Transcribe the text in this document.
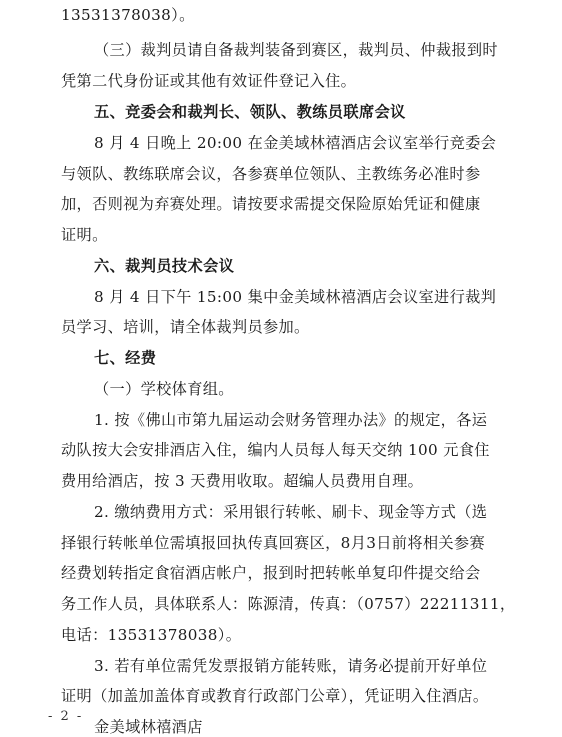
13531378038）。
（三）裁判员请自备裁判装备到赛区，裁判员、仲裁报到时
凭第二代身份证或其他有效证件登记入住。
五、竞委会和裁判长、领队、教练员联席会议
8 月 4 日晚上 20:00 在金美域林禧酒店会议室举行竞委会
与领队、教练联席会议，各参赛单位领队、主教练务必准时参
加，否则视为弃赛处理。请按要求需提交保险原始凭证和健康
证明。
六、裁判员技术会议
8 月 4 日下午 15:00 集中金美域林禧酒店会议室进行裁判
员学习、培训，请全体裁判员参加。
七、经费
（一）学校体育组。
1. 按《佛山市第九届运动会财务管理办法》的规定，各运
动队按大会安排酒店入住，编内人员每人每天交纳 100 元食住
费用给酒店，按 3 天费用收取。超编人员费用自理。
2. 缴纳费用方式：采用银行转帐、刷卡、现金等方式（选
择银行转帐单位需填报回执传真回赛区，8月3日前将相关参赛
经费划转指定食宿酒店帐户，报到时把转帐单复印件提交给会
务工作人员，具体联系人：陈源清，传真：（0757）22211311，
电话：13531378038）。
3. 若有单位需凭发票报销方能转账，请务必提前开好单位
证明（加盖加盖体育或教育行政部门公章），凭证明入住酒店。
金美域林禧酒店
- 2 -
